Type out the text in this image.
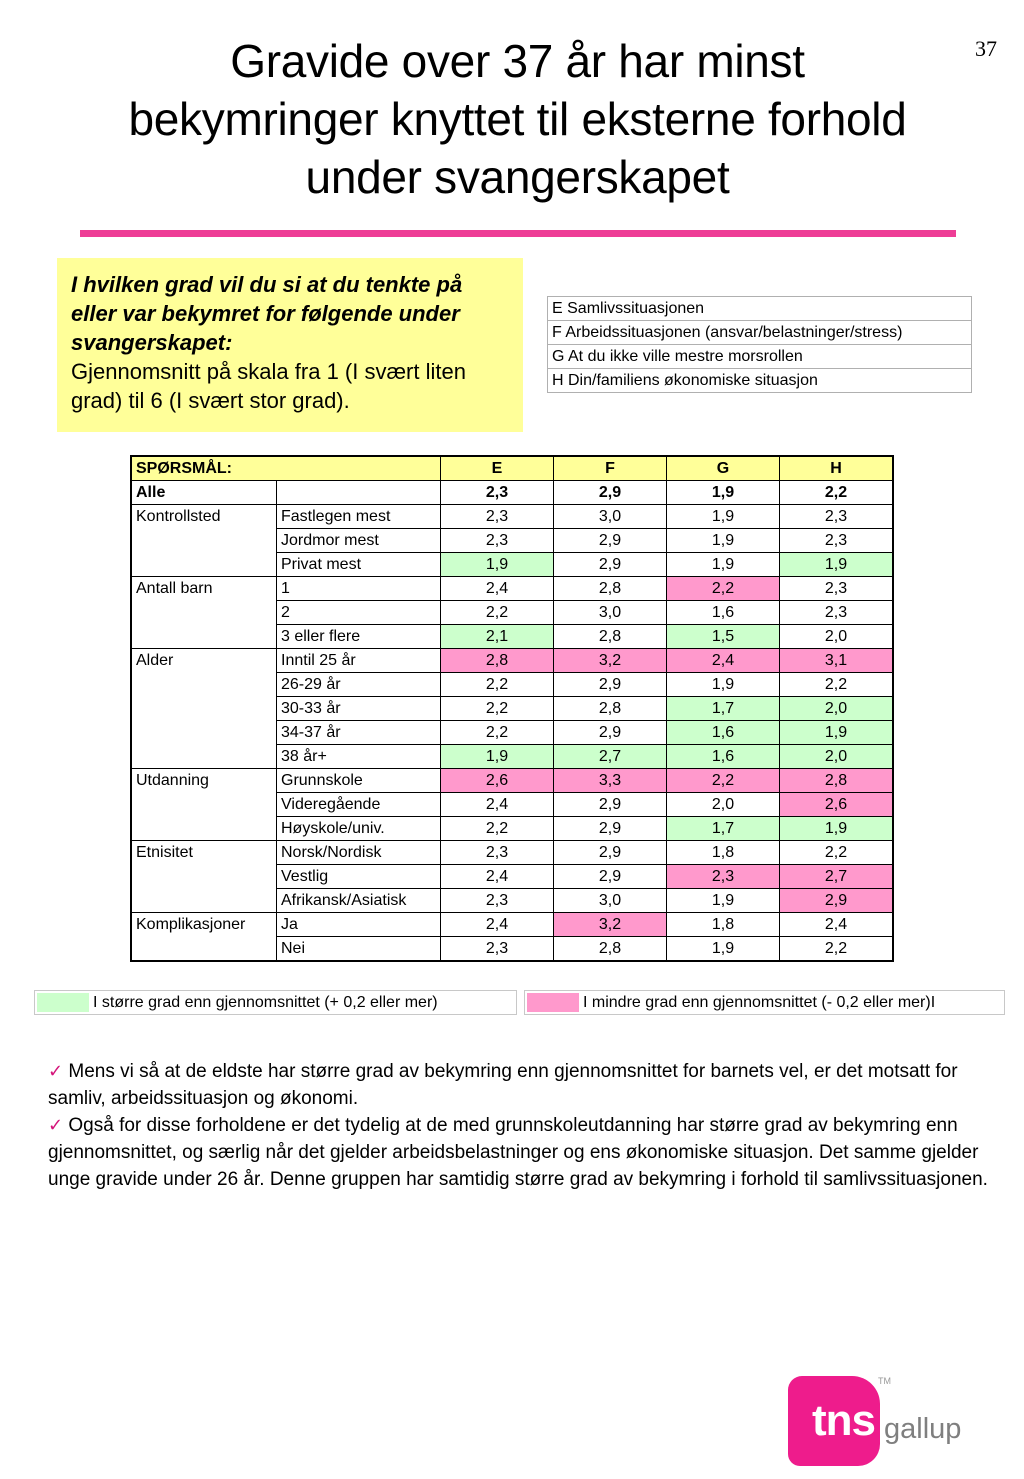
37
Gravide over 37 år har minst
bekymringer knyttet til eksterne forhold
under svangerskapet
I hvilken grad vil du si at du tenkte på eller var bekymret for følgende under svangerskapet:
Gjennomsnitt på skala fra 1 (I svært liten grad) til 6 (I svært stor grad).
E Samlivssituasjonen
F Arbeidssituasjonen (ansvar/belastninger/stress)
G At du ikke ville mestre morsrollen
H Din/familiens økonomiske situasjon
SPØRSMÅL:		E	F	G	H
Alle		2,3	2,9	1,9	2,2
Kontrollsted	Fastlegen mest	2,3	3,0	1,9	2,3
	Jordmor mest	2,3	2,9	1,9	2,3
	Privat mest	1,9	2,9	1,9	1,9
Antall barn	1	2,4	2,8	2,2	2,3
	2	2,2	3,0	1,6	2,3
	3 eller flere	2,1	2,8	1,5	2,0
Alder	Inntil 25 år	2,8	3,2	2,4	3,1
	26-29 år	2,2	2,9	1,9	2,2
	30-33 år	2,2	2,8	1,7	2,0
	34-37 år	2,2	2,9	1,6	1,9
	38 år+	1,9	2,7	1,6	2,0
Utdanning	Grunnskole	2,6	3,3	2,2	2,8
	Videregående	2,4	2,9	2,0	2,6
	Høyskole/univ.	2,2	2,9	1,7	1,9
Etnisitet	Norsk/Nordisk	2,3	2,9	1,8	2,2
	Vestlig	2,4	2,9	2,3	2,7
	Afrikansk/Asiatisk	2,3	3,0	1,9	2,9
Komplikasjoner	Ja	2,4	3,2	1,8	2,4
	Nei	2,3	2,8	1,9	2,2
I større grad enn gjennomsnittet (+ 0,2 eller mer)	I mindre grad enn gjennomsnittet (- 0,2 eller mer)I

✓ Mens vi så at de eldste har større grad av bekymring enn gjennomsnittet for barnets vel, er det motsatt for samliv, arbeidssituasjon og økonomi.

✓ Også for disse forholdene er det tydelig at de med grunnskoleutdanning har større grad av bekymring enn gjennomsnittet, og særlig når det gjelder arbeidsbelastninger og ens økonomiske situasjon. Det samme gjelder unge gravide under 26 år. Denne gruppen har samtidig større grad av bekymring i forhold til samlivssituasjonen.

tns
TM
gallup
